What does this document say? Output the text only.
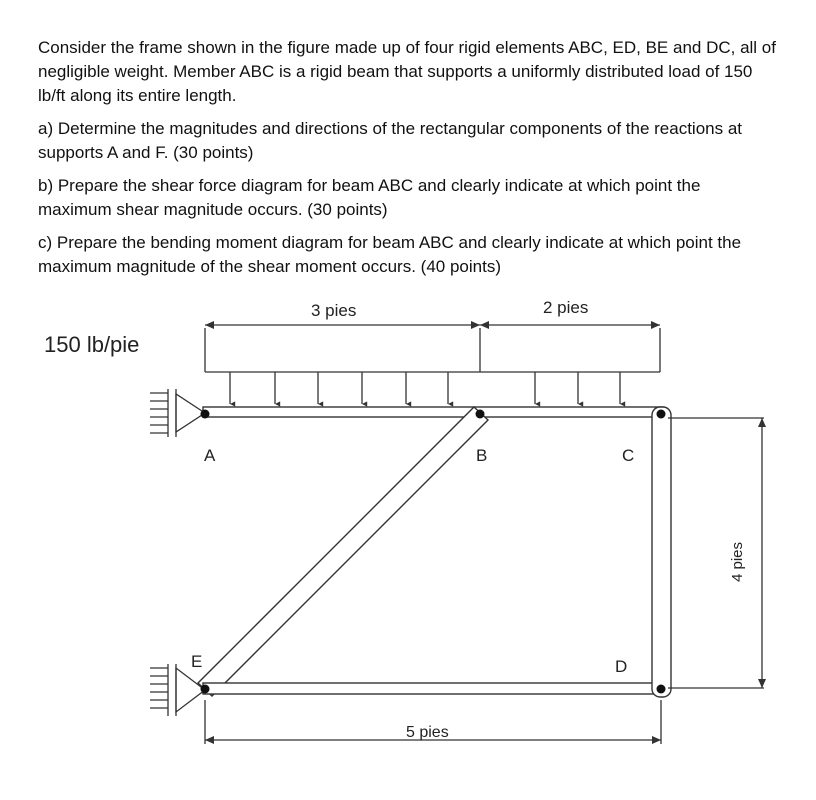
Consider the frame shown in the figure made up of four rigid elements ABC, ED, BE and DC, all of negligible weight. Member ABC is a rigid beam that supports a uniformly distributed load of 150 lb/ft along its entire length.

a) Determine the magnitudes and directions of the rectangular components of the reactions at supports A and F. (30 points)

b) Prepare the shear force diagram for beam ABC and clearly indicate at which point the maximum shear magnitude occurs. (30 points)

c) Prepare the bending moment diagram for beam ABC and clearly indicate at which point the maximum magnitude of the shear moment occurs. (40 points)

3 pies	2 pies
150 lb/pie
A	B	C
E	D
4 pies
5 pies
